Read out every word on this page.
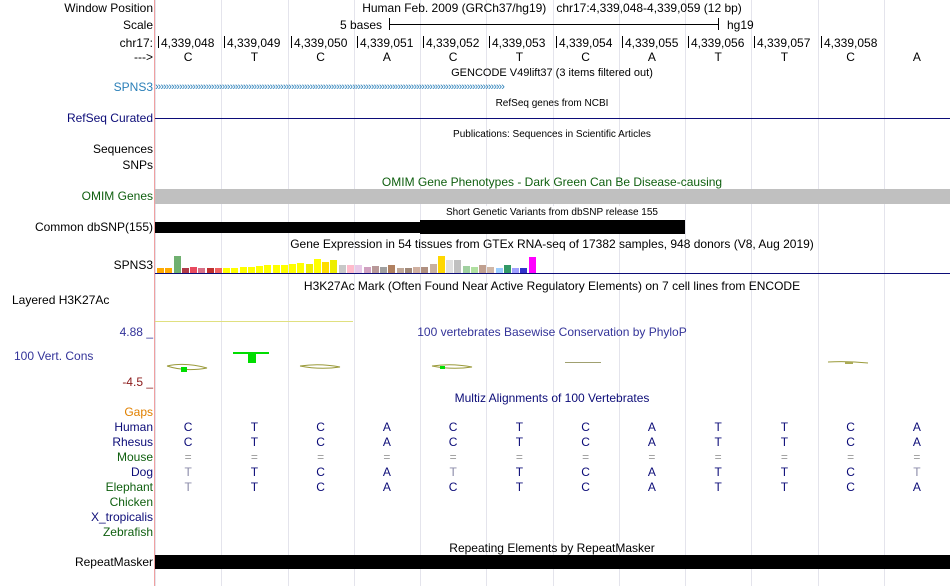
Window Position	Human Feb. 2009 (GRCh37/hg19) chr17:4,339,048-4,339,059 (12 bp)
Scale	5 bases	hg19
chr17: 4,339,048 4,339,049 4,339,050 4,339,051 4,339,052 4,339,053 4,339,054 4,339,055 4,339,056 4,339,057 4,339,058
--->	C	T	C	A	C	T	C	A	T	T	C	A
GENCODE V49lift37 (3 items filtered out)
SPNS3 ›››››››››››››››››››››››››››››››››››››››››››››››››››››››››››››››››››››››››››››››››››››››››››››››››››››››››››››››››››››››››››››››››››
RefSeq genes from NCBI
RefSeq Curated
Publications: Sequences in Scientific Articles
Sequences
SNPs
OMIM Gene Phenotypes - Dark Green Can Be Disease-causing
OMIM Genes
Common dbSNP(155)
Short Genetic Variants from dbSNP release 155
Gene Expression in 54 tissues from GTEx RNA-seq of 17382 samples, 948 donors (V8, Aug 2019)
SPNS3
H3K27Ac Mark (Often Found Near Active Regulatory Elements) on 7 cell lines from ENCODE
Layered H3K27Ac
100 vertebrates Basewise Conservation by PhyloP
4.88 _
100 Vert. Cons
-4.5 _
Multiz Alignments of 100 Vertebrates
Gaps
Human	C	T	C	A	C	T	C	A	T	T	C	A
Rhesus	C	T	C	A	C	T	C	A	T	T	C	A
Mouse	=	=	=	=	=	=	=	=	=	=	=	=
Dog	T	T	C	A	T	T	C	A	T	T	C	T
Elephant	T	T	C	A	C	T	C	A	T	T	C	A
Chicken
X_tropicalis
Zebrafish
RepeatMasker
Repeating Elements by RepeatMasker
